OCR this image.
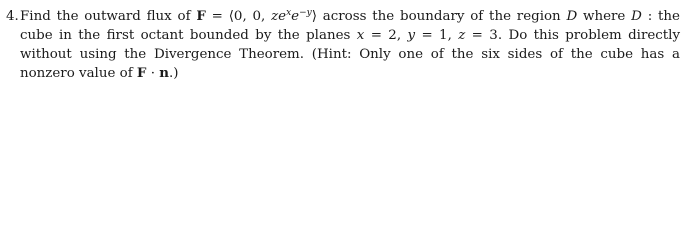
4. Find the outward flux of F = ⟨0, 0, $ze^xe^{-y}⟩$ across the boundary of the region D where D : the
cube in the first octant bounded by the planes x = 2, y = 1, z = 3. Do this problem directly
without using the Divergence Theorem. (Hint: Only one of the six sides of the cube has a
nonzero value of F · n.)
